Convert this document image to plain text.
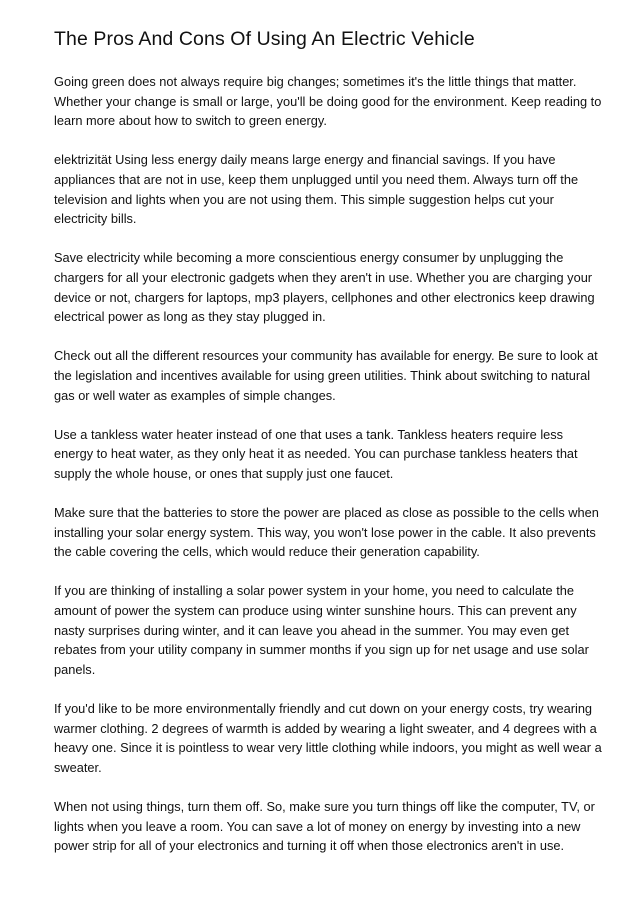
The Pros And Cons Of Using An Electric Vehicle

Going green does not always require big changes; sometimes it's the little things that matter. Whether your change is small or large, you'll be doing good for the environment. Keep reading to learn more about how to switch to green energy.

elektrizität Using less energy daily means large energy and financial savings. If you have appliances that are not in use, keep them unplugged until you need them. Always turn off the television and lights when you are not using them. This simple suggestion helps cut your electricity bills.

Save electricity while becoming a more conscientious energy consumer by unplugging the chargers for all your electronic gadgets when they aren't in use. Whether you are charging your device or not, chargers for laptops, mp3 players, cellphones and other electronics keep drawing electrical power as long as they stay plugged in.

Check out all the different resources your community has available for energy. Be sure to look at the legislation and incentives available for using green utilities. Think about switching to natural gas or well water as examples of simple changes.

Use a tankless water heater instead of one that uses a tank. Tankless heaters require less energy to heat water, as they only heat it as needed. You can purchase tankless heaters that supply the whole house, or ones that supply just one faucet.

Make sure that the batteries to store the power are placed as close as possible to the cells when installing your solar energy system. This way, you won't lose power in the cable. It also prevents the cable covering the cells, which would reduce their generation capability.

If you are thinking of installing a solar power system in your home, you need to calculate the amount of power the system can produce using winter sunshine hours. This can prevent any nasty surprises during winter, and it can leave you ahead in the summer. You may even get rebates from your utility company in summer months if you sign up for net usage and use solar panels.

If you'd like to be more environmentally friendly and cut down on your energy costs, try wearing warmer clothing. 2 degrees of warmth is added by wearing a light sweater, and 4 degrees with a heavy one. Since it is pointless to wear very little clothing while indoors, you might as well wear a sweater.

When not using things, turn them off. So, make sure you turn things off like the computer, TV, or lights when you leave a room. You can save a lot of money on energy by investing into a new power strip for all of your electronics and turning it off when those electronics aren't in use.
